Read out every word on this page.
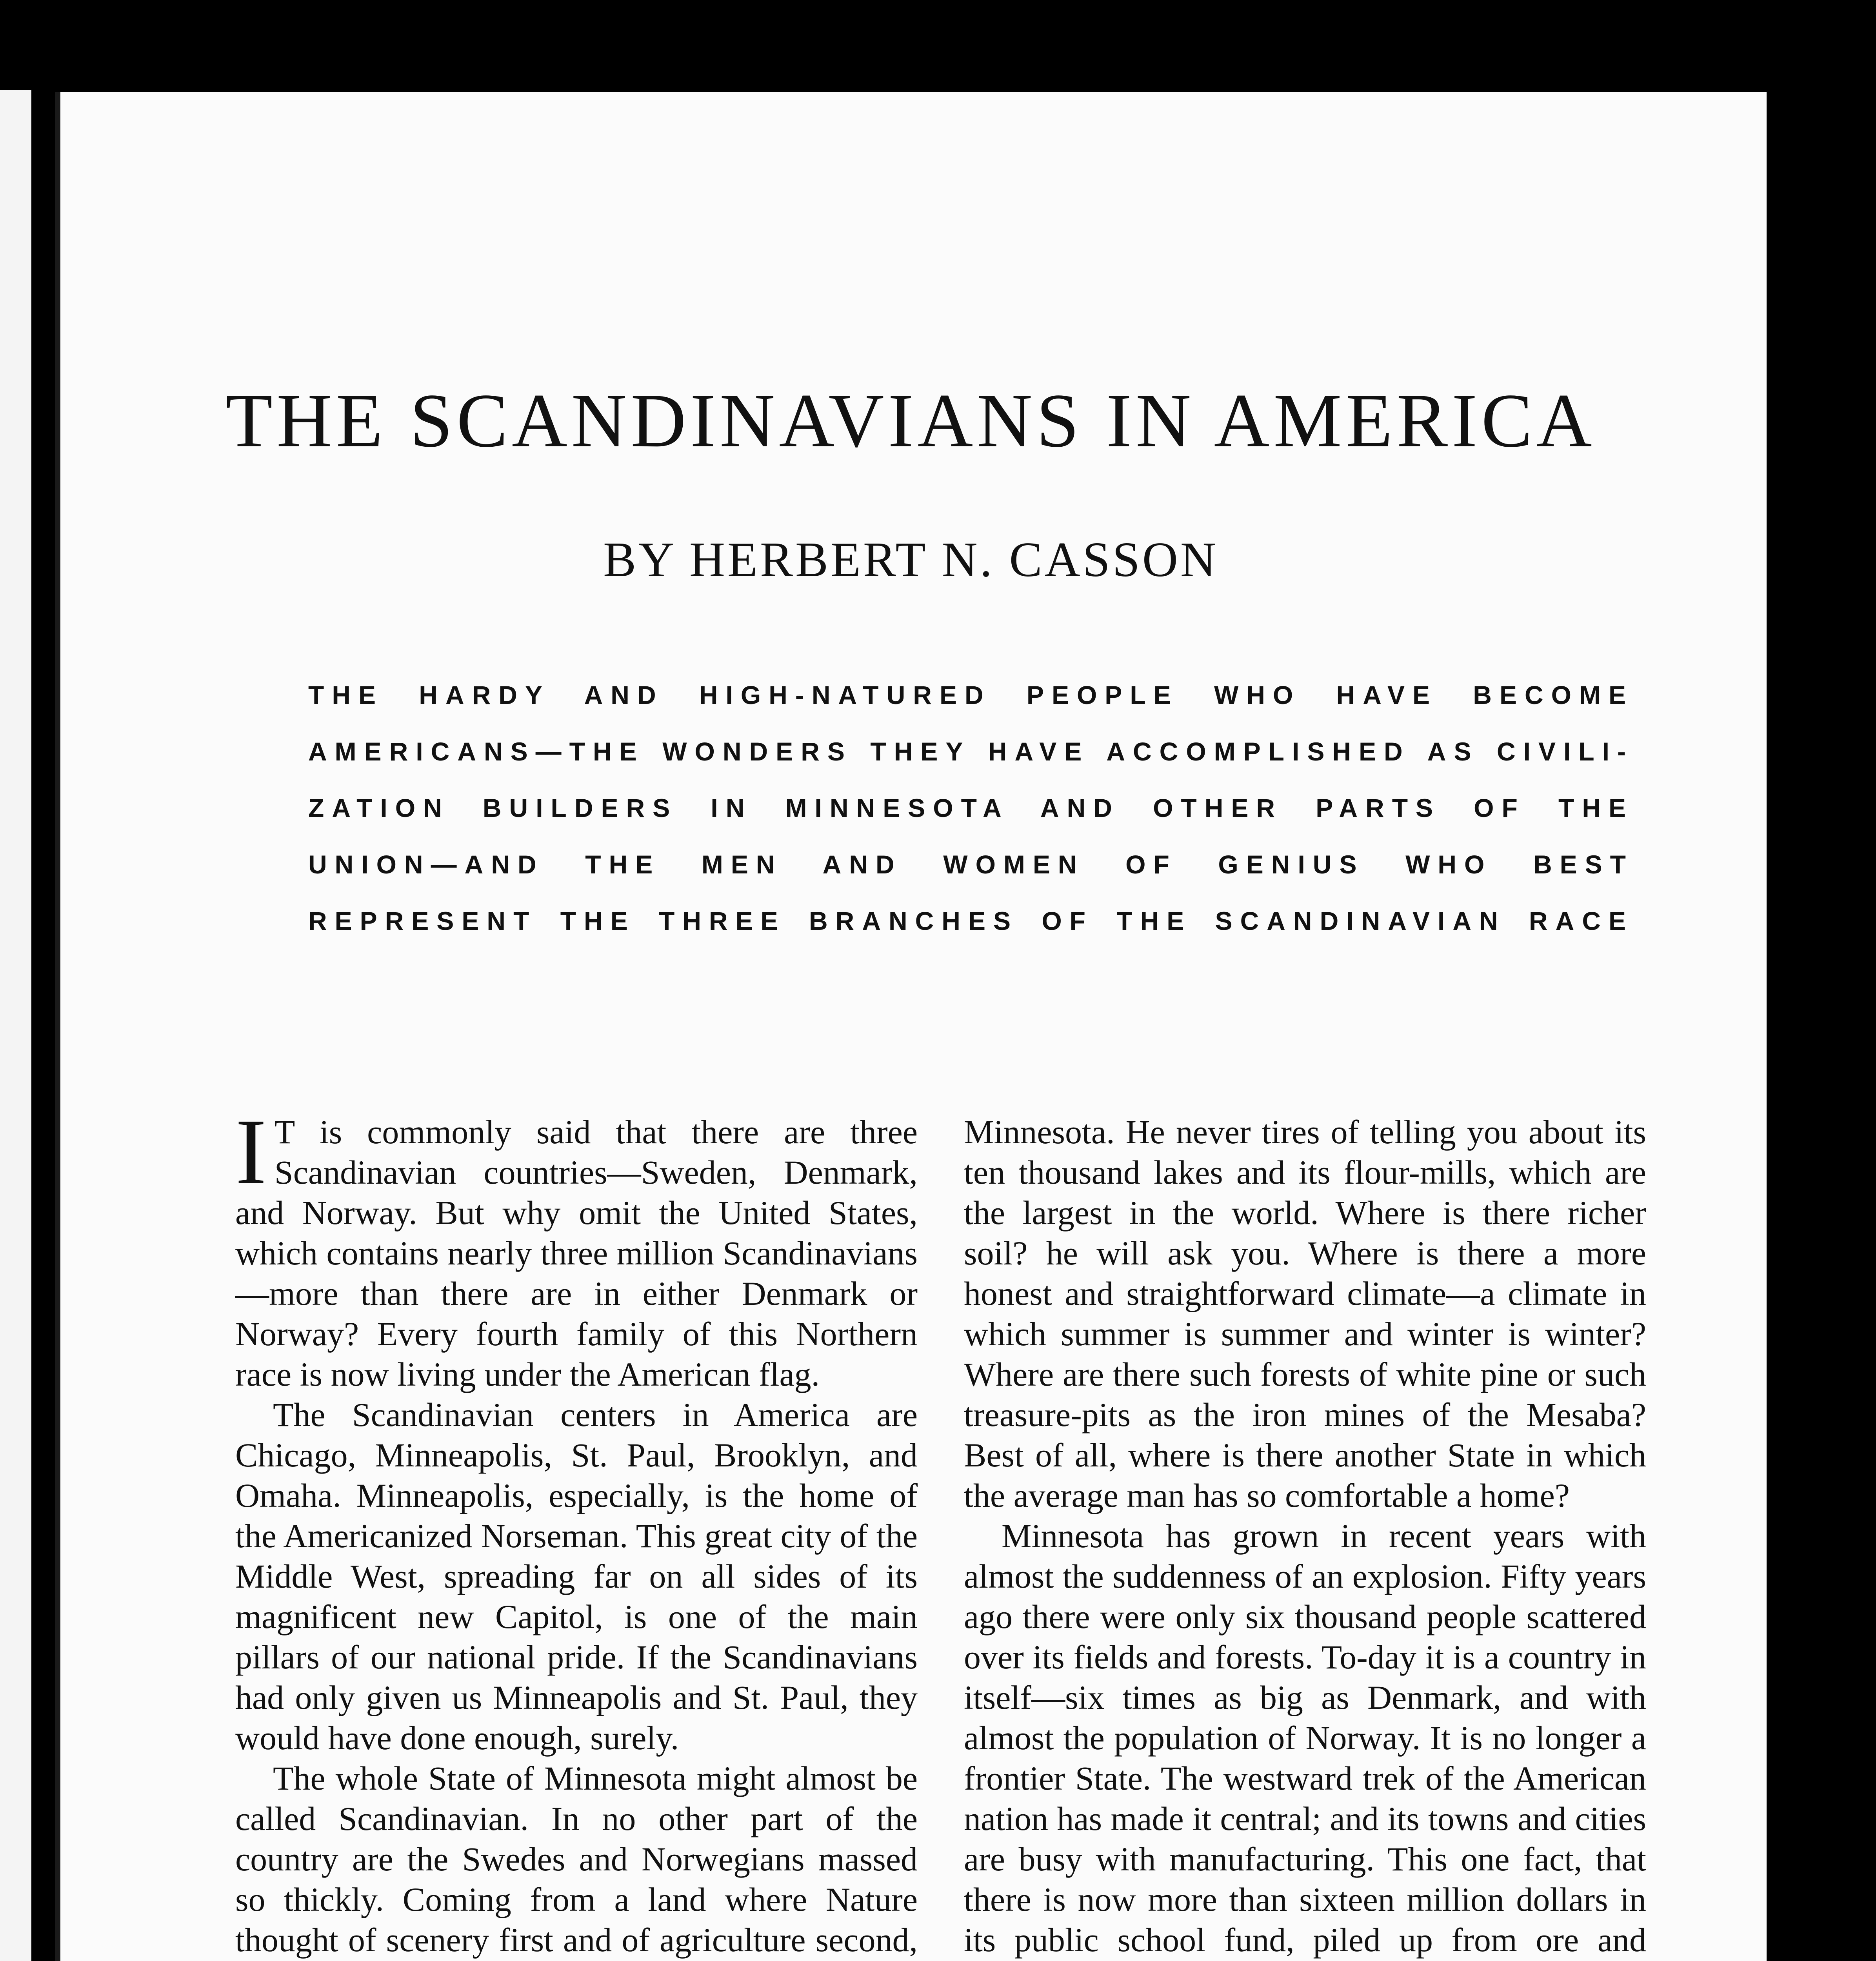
THE SCANDINAVIANS IN AMERICA
BY HERBERT N. CASSON
THE HARDY AND HIGH-NATURED PEOPLE WHO HAVE BECOME
AMERICANS—THE WONDERS THEY HAVE ACCOMPLISHED AS CIVILI-
ZATION BUILDERS IN MINNESOTA AND OTHER PARTS OF THE
UNION—AND THE MEN AND WOMEN OF GENIUS WHO BEST
REPRESENT THE THREE BRANCHES OF THE SCANDINAVIAN RACE

I T is commonly said that there are three Scandinavian countries—Sweden, Denmark, and Norway. But why omit the United States, which contains nearly three million Scandinavians—more than there are in either Denmark or Norway? Every fourth family of this Northern race is now living under the American flag.

The Scandinavian centers in America are Chicago, Minneapolis, St. Paul, Brooklyn, and Omaha. Minneapolis, especially, is the home of the Americanized Norseman. This great city of the Middle West, spreading far on all sides of its magnificent new Capitol, is one of the main pillars of our national pride. If the Scandinavians had only given us Minneapolis and St. Paul, they would have done enough, surely.

The whole State of Minnesota might almost be called Scandinavian. In no other part of the country are the Swedes and Norwegians massed so thickly. Coming from a land where Nature thought of scenery first and of agriculture second,

Minnesota. He never tires of telling you about its ten thousand lakes and its flour-mills, which are the largest in the world. Where is there richer soil? he will ask you. Where is there a more honest and straightforward climate—a climate in which summer is summer and winter is winter? Where are there such forests of white pine or such treasure-pits as the iron mines of the Mesaba? Best of all, where is there another State in which the average man has so comfortable a home?

Minnesota has grown in recent years with almost the suddenness of an explosion. Fifty years ago there were only six thousand people scattered over its fields and forests. To-day it is a country in itself—six times as big as Denmark, and with almost the population of Norway. It is no longer a frontier State. The westward trek of the American nation has made it central; and its towns and cities are busy with manufacturing. This one fact, that there is now more than sixteen million dollars in its public school fund, piled up from ore and
